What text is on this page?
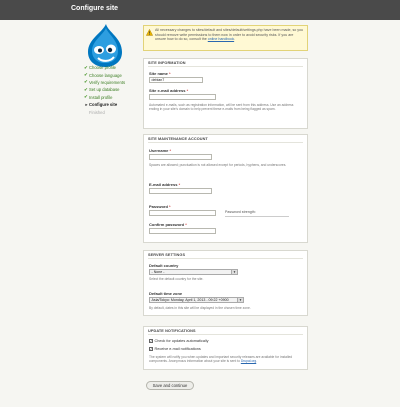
Configure site
✔ Choose profile
✔ Choose language
✔ Verify requirements
✔ Set up database
✔ Install profile
▸ Configure site
Finished
All necessary changes to sites/default and sites/default/settings.php have been made, so you should remove write permissions to them now in order to avoid security risks. If you are unsure how to do so, consult the online handbook.
SITE INFORMATION
Site name *
debian7
Site e-mail address *
Automated e-mails, such as registration information, will be sent from this address. Use an address ending in your site's domain to help prevent these e-mails from being flagged as spam.
SITE MAINTENANCE ACCOUNT
Username *
Spaces are allowed; punctuation is not allowed except for periods, hyphens, and underscores.
E-mail address *
Password *
Password strength:
Confirm password *
SERVER SETTINGS
Default country
- None -	▼
Select the default country for the site.
Default time zone
Asia/Tokyo: Monday, April 1, 2013 - 09:22 +0900	▼
By default, dates in this site will be displayed in the chosen time zone.
UPDATE NOTIFICATIONS
✓ Check for updates automatically
✓ Receive e-mail notifications
The system will notify you when updates and important security releases are available for installed components. Anonymous information about your site is sent to Drupal.org.
Save and continue
